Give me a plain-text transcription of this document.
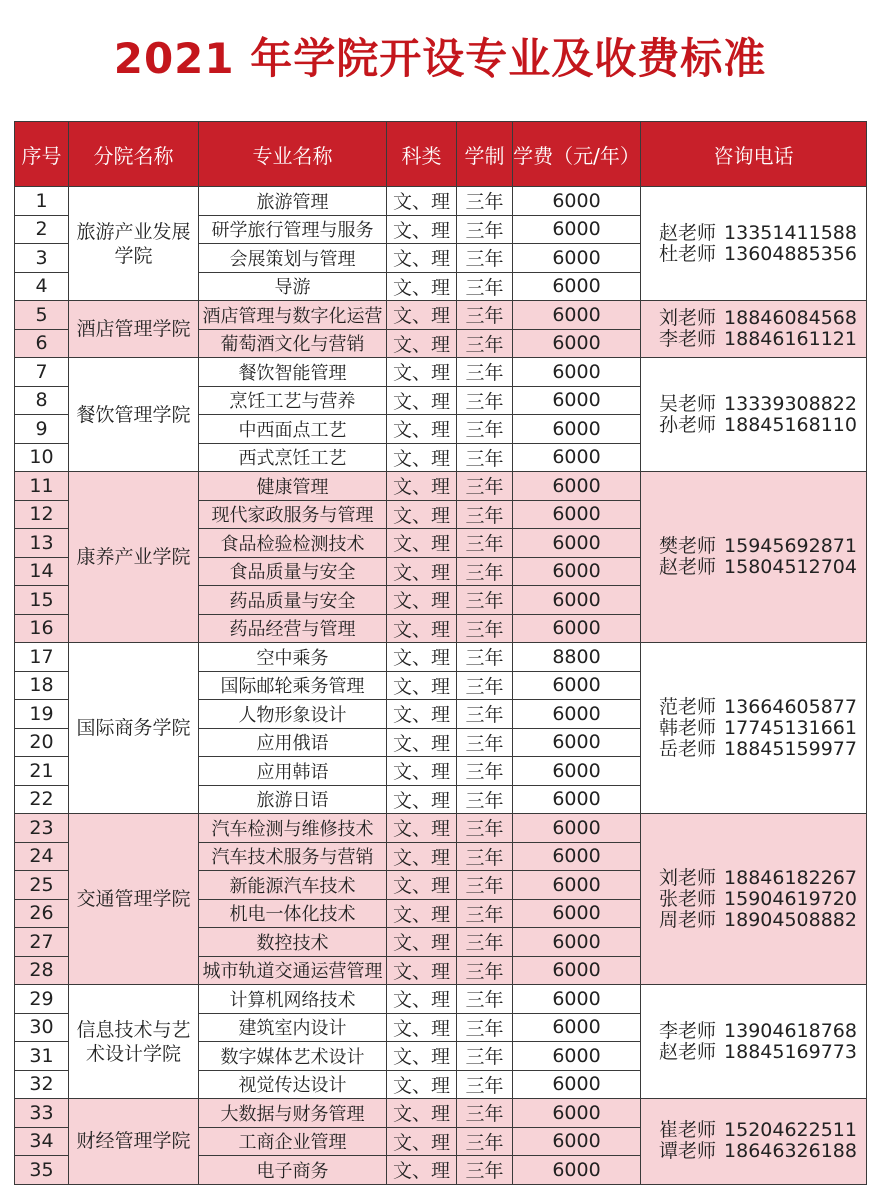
2021 年学院开设专业及收费标准
序号	分院名称	专业名称	科类	学制	学费（元/年）	咨询电话
1	旅游产业发展学院	旅游管理	文、理	三年	6000	赵老师 13351411588
杜老师 13604885356

2		研学旅行管理与服务	文、理	三年	6000	
3		会展策划与管理	文、理	三年	6000	
4		导游	文、理	三年	6000	
5	酒店管理学院	酒店管理与数字化运营	文、理	三年	6000	刘老师 18846084568
李老师 18846161121

6		葡萄酒文化与营销	文、理	三年	6000	
7	餐饮管理学院	餐饮智能管理	文、理	三年	6000	吴老师 13339308822
孙老师 18845168110

8		烹饪工艺与营养	文、理	三年	6000	
9		中西面点工艺	文、理	三年	6000	
10		西式烹饪工艺	文、理	三年	6000	
11	康养产业学院	健康管理	文、理	三年	6000	樊老师 15945692871
赵老师 15804512704

12		现代家政服务与管理	文、理	三年	6000	
13		食品检验检测技术	文、理	三年	6000	
14		食品质量与安全	文、理	三年	6000	
15		药品质量与安全	文、理	三年	6000	
16		药品经营与管理	文、理	三年	6000	
17	国际商务学院	空中乘务	文、理	三年	8800	范老师 13664605877
韩老师 17745131661
岳老师 18845159977

18		国际邮轮乘务管理	文、理	三年	6000	
19		人物形象设计	文、理	三年	6000	
20		应用俄语	文、理	三年	6000	
21		应用韩语	文、理	三年	6000	
22		旅游日语	文、理	三年	6000	
23	交通管理学院	汽车检测与维修技术	文、理	三年	6000	刘老师 18846182267
张老师 15904619720
周老师 18904508882

24		汽车技术服务与营销	文、理	三年	6000	
25		新能源汽车技术	文、理	三年	6000	
26		机电一体化技术	文、理	三年	6000	
27		数控技术	文、理	三年	6000	
28		城市轨道交通运营管理	文、理	三年	6000	
29	信息技术与艺术设计学院	计算机网络技术	文、理	三年	6000	李老师 13904618768
赵老师 18845169773

30		建筑室内设计	文、理	三年	6000	
31		数字媒体艺术设计	文、理	三年	6000	
32		视觉传达设计	文、理	三年	6000	
33	财经管理学院	大数据与财务管理	文、理	三年	6000	崔老师 15204622511
谭老师 18646326188

34		工商企业管理	文、理	三年	6000	
35		电子商务	文、理	三年	6000	
